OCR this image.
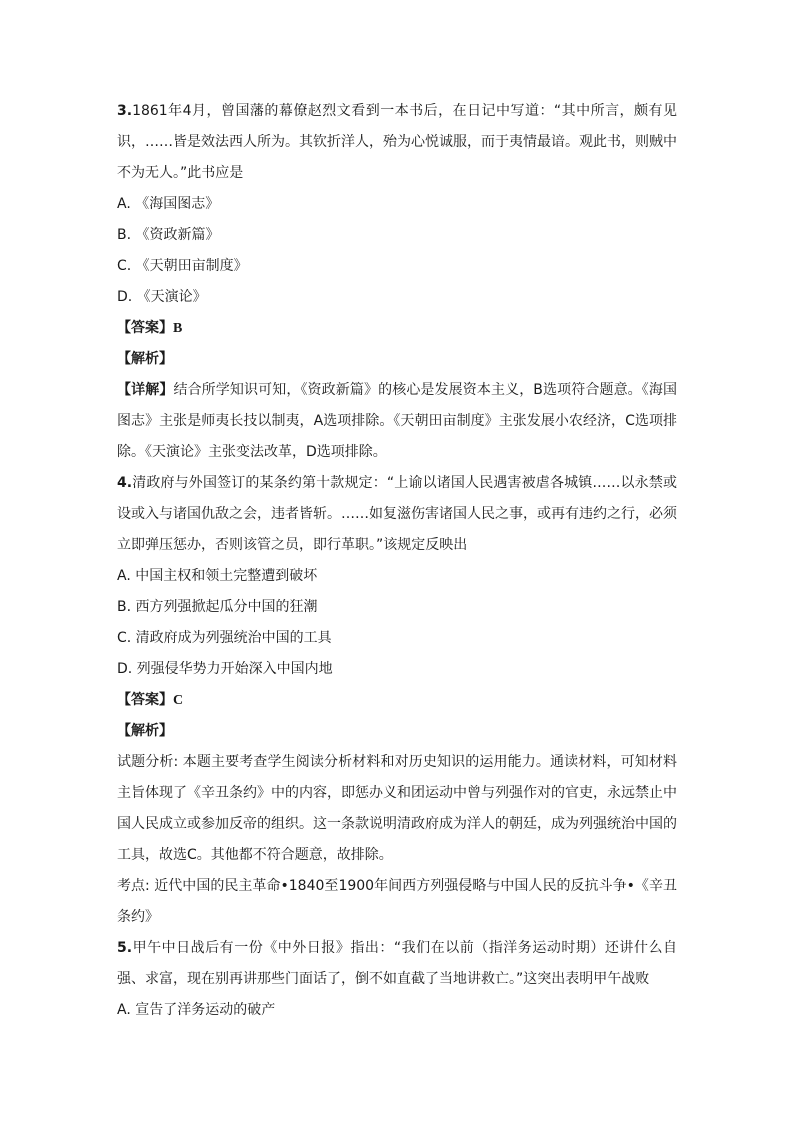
3.1861年4月，曾国藩的幕僚赵烈文看到一本书后，在日记中写道：“其中所言，颇有见识，……皆是效法西人所为。其钦折洋人，殆为心悦诚服，而于夷情最谙。观此书，则贼中不为无人。”此书应是
A. 《海国图志》
B. 《资政新篇》
C. 《天朝田亩制度》
D. 《天演论》
【答案】B
【解析】
【详解】结合所学知识可知，《资政新篇》的核心是发展资本主义，B选项符合题意。《海国图志》主张是师夷长技以制夷，A选项排除。《天朝田亩制度》主张发展小农经济，C选项排除。《天演论》主张变法改革，D选项排除。
4.清政府与外国签订的某条约第十款规定：“上谕以诸国人民遇害被虐各城镇……以永禁或设或入与诸国仇敌之会，违者皆斩。……如复滋伤害诸国人民之事，或再有违约之行，必须立即弹压惩办，否则该管之员，即行革职。”该规定反映出
A. 中国主权和领土完整遭到破坏
B. 西方列强掀起瓜分中国的狂潮
C. 清政府成为列强统治中国的工具
D. 列强侵华势力开始深入中国内地
【答案】C
【解析】
试题分析: 本题主要考查学生阅读分析材料和对历史知识的运用能力。通读材料，可知材料主旨体现了《辛丑条约》中的内容，即惩办义和团运动中曾与列强作对的官吏，永远禁止中国人民成立或参加反帝的组织。这一条款说明清政府成为洋人的朝廷，成为列强统治中国的工具，故选C。其他都不符合题意，故排除。
考点: 近代中国的民主革命•1840至1900年间西方列强侵略与中国人民的反抗斗争•《辛丑条约》
5.甲午中日战后有一份《中外日报》指出：“我们在以前（指洋务运动时期）还讲什么自强、求富，现在别再讲那些门面话了，倒不如直截了当地讲救亡。”这突出表明甲午战败
A. 宣告了洋务运动的破产
